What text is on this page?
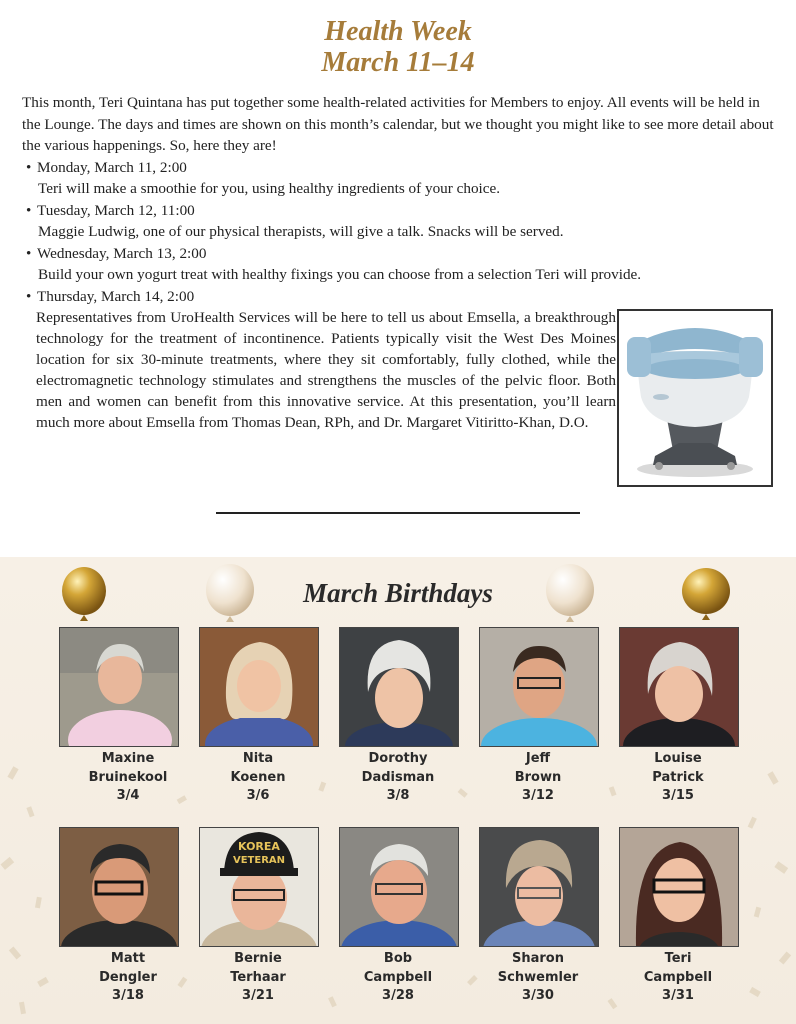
Health Week
March 11–14

This month, Teri Quintana has put together some health-related activities for Members to enjoy. All events will be held in the Lounge. The days and times are shown on this month’s calendar, but we thought you might like to see more detail about the various happenings. So, here they are!

• Monday, March 11, 2:00
Teri will make a smoothie for you, using healthy ingredients of your choice.
• Tuesday, March 12, 11:00
Maggie Ludwig, one of our physical therapists, will give a talk. Snacks will be served.
• Wednesday, March 13, 2:00
Build your own yogurt treat with healthy fixings you can choose from a selection Teri will provide.
• Thursday, March 14, 2:00
Representatives from UroHealth Services will be here to tell us about Emsella, a breakthrough technology for the treatment of incontinence. Patients typically visit the West Des Moines location for six 30-minute treatments, where they sit comfortably, fully clothed, while the electromagnetic technology stimulates and strengthens the muscles of the pelvic floor. Both men and women can benefit from this innovative service. At this presentation, you’ll learn much more about Emsella from Thomas Dean, RPh, and Dr. Margaret Vitiritto-Khan, D.O.
March Birthdays
Maxine
Bruinekool
3/4
Nita
Koenen
3/6
Dorothy
Dadisman
3/8
Jeff
Brown
3/12
Louise
Patrick
3/15
KOREA
VETERAN
Matt
Dengler
3/18
Bernie
Terhaar
3/21
Bob
Campbell
3/28
Sharon
Schwemler
3/30
Teri
Campbell
3/31
